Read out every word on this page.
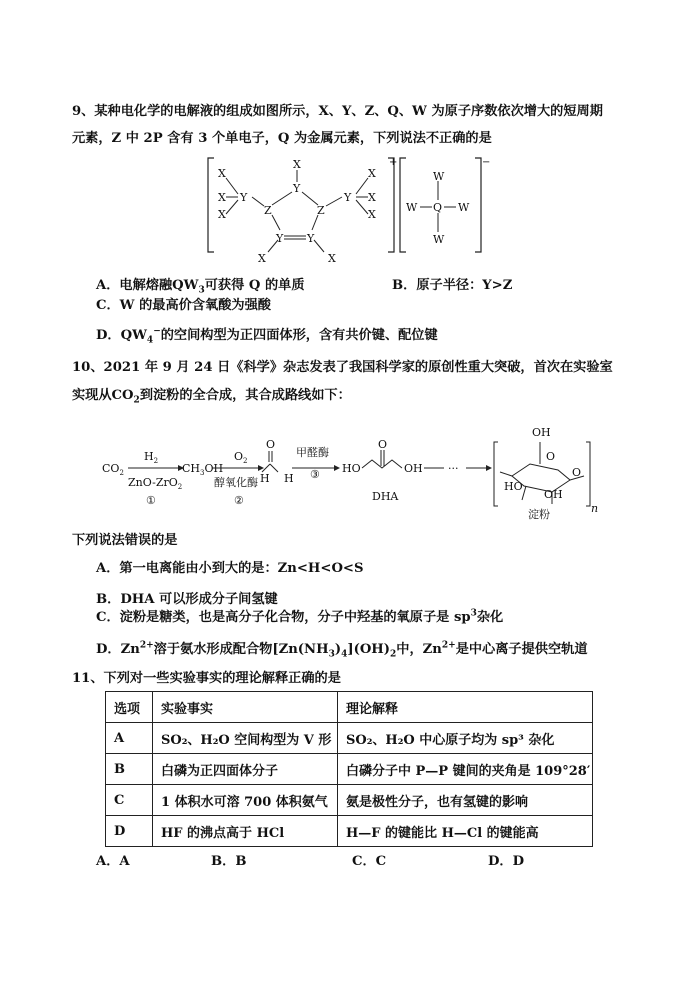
9、某种电化学的电解液的组成如图所示，X、Y、Z、Q、W 为原子序数依次增大的短周期
元素，Z 中 2P 含有 3 个单电子，Q 为金属元素，下列说法不正确的是
+	−
X
Y
Z	Z
Y Y
Y	Y
X
X
X
X
X
X
X	X
W
Q
W
W	W
A．电解熔融$QW_3$可获得 Q 的单质	B．原子半径：Y>Z
C．W 的最高价含氧酸为强酸
D．$QW_4^-$的空间构型为正四面体形，含有共价键、配位键
10、2021 年 9 月 24 日《科学》杂志发表了我国科学家的原创性重大突破，首次在实验室
实现从$CO_2$到淀粉的全合成，其合成路线如下：
$CO_2$
$H_2$
ZnO-ZrO$_2$
①
$CH_3OH$
$O_2$
醇氧化酶
②
O
H H
甲醛酶
③ HO
O
OH
DHA
···
OH
HO
OH
O
O
n
淀粉
下列说法错误的是
A．第一电离能由小到大的是：Zn<H<O<S
B．DHA 可以形成分子间氢键
C．淀粉是糖类，也是高分子化合物，分子中羟基的氧原子是 $sp^3$杂化
D．$Zn^{2+}$溶于氨水形成配合物$[Zn(NH_3)_4](OH)_2$中，$Zn^{2+}$是中心离子提供空轨道
11、下列对一些实验事实的理论解释正确的是
选项	实验事实	理论解释
A	SO₂、H₂O 空间构型为 V 形	SO₂、H₂O 中心原子均为 sp³ 杂化
B	白磷为正四面体分子	白磷分子中 P—P 键间的夹角是 109°28′
C	1 体积水可溶 700 体积氨气	氨是极性分子，也有氢键的影响
D	HF 的沸点高于 HCl	H—F 的键能比 H—Cl 的键能高
A．A	B．B	C．C	D．D
